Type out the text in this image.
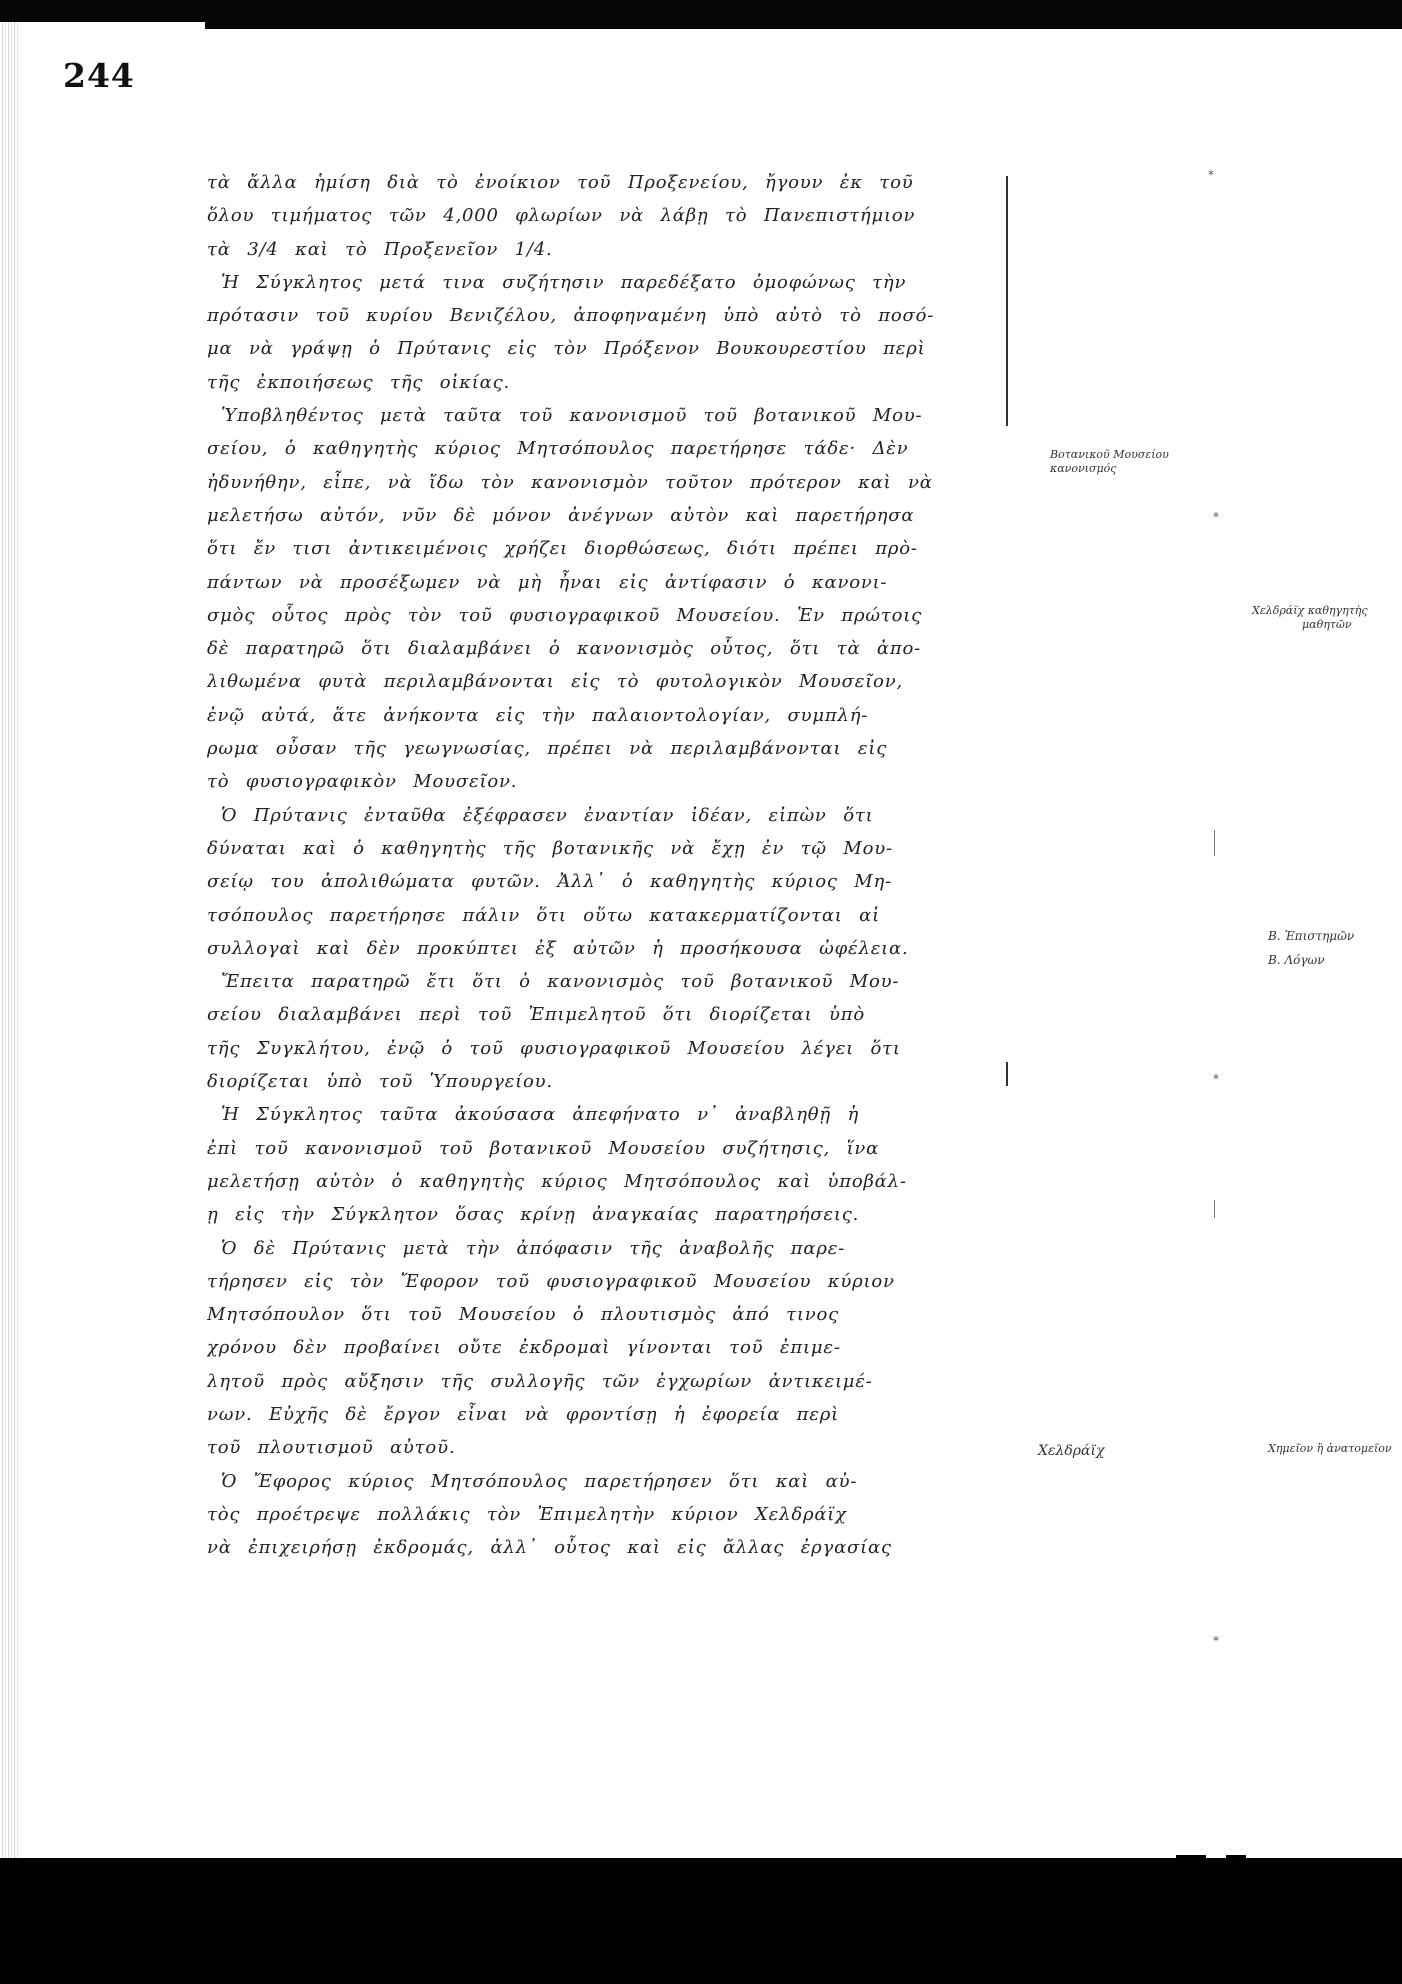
244
τὰ ἄλλα ἡμίση διὰ τὸ ἐνοίκιον τοῦ Προξενείου, ἤγουν ἐκ τοῦ
ὅλου τιμήματος τῶν 4,000 φλωρίων νὰ λάβῃ τὸ Πανεπιστήμιον
τὰ 3/4 καὶ τὸ Προξενεῖον 1/4.
Ἡ Σύγκλητος μετά τινα συζήτησιν παρεδέξατο ὁμοφώνως τὴν
πρότασιν τοῦ κυρίου Βενιζέλου, ἀποφηναμένη ὑπὸ αὐτὸ τὸ ποσό-
μα νὰ γράψῃ ὁ Πρύτανις εἰς τὸν Πρόξενον Βουκουρεστίου περὶ
τῆς ἐκποιήσεως τῆς οἰκίας.
Ὑποβληθέντος μετὰ ταῦτα τοῦ κανονισμοῦ τοῦ βοτανικοῦ Μου-
σείου, ὁ καθηγητὴς κύριος Μητσόπουλος παρετήρησε τάδε· Δὲν
ἠδυνήθην, εἶπε, νὰ ἴδω τὸν κανονισμὸν τοῦτον πρότερον καὶ νὰ
μελετήσω αὐτόν, νῦν δὲ μόνον ἀνέγνων αὐτὸν καὶ παρετήρησα
ὅτι ἔν τισι ἀντικειμένοις χρήζει διορθώσεως, διότι πρέπει πρὸ-
πάντων νὰ προσέξωμεν νὰ μὴ ἦναι εἰς ἀντίφασιν ὁ κανονι-
σμὸς οὗτος πρὸς τὸν τοῦ φυσιογραφικοῦ Μουσείου. Ἐν πρώτοις
δὲ παρατηρῶ ὅτι διαλαμβάνει ὁ κανονισμὸς οὗτος, ὅτι τὰ ἀπο-
λιθωμένα φυτὰ περιλαμβάνονται εἰς τὸ φυτολογικὸν Μουσεῖον,
ἐνῷ αὐτά, ἅτε ἀνήκοντα εἰς τὴν παλαιοντολογίαν, συμπλή-
ρωμα οὖσαν τῆς γεωγνωσίας, πρέπει νὰ περιλαμβάνονται εἰς
τὸ φυσιογραφικὸν Μουσεῖον.
Ὁ Πρύτανις ἐνταῦθα ἐξέφρασεν ἐναντίαν ἰδέαν, εἰπὼν ὅτι
δύναται καὶ ὁ καθηγητὴς τῆς βοτανικῆς νὰ ἔχῃ ἐν τῷ Μου-
σείῳ του ἀπολιθώματα φυτῶν. Ἀλλ᾽ ὁ καθηγητὴς κύριος Μη-
τσόπουλος παρετήρησε πάλιν ὅτι οὕτω κατακερματίζονται αἱ
συλλογαὶ καὶ δὲν προκύπτει ἐξ αὐτῶν ἡ προσήκουσα ὠφέλεια.
Ἔπειτα παρατηρῶ ἔτι ὅτι ὁ κανονισμὸς τοῦ βοτανικοῦ Μου-
σείου διαλαμβάνει περὶ τοῦ Ἐπιμελητοῦ ὅτι διορίζεται ὑπὸ
τῆς Συγκλήτου, ἐνῷ ὁ τοῦ φυσιογραφικοῦ Μουσείου λέγει ὅτι
διορίζεται ὑπὸ τοῦ Ὑπουργείου.
Ἡ Σύγκλητος ταῦτα ἀκούσασα ἀπεφήνατο ν᾽ ἀναβληθῇ ἡ
ἐπὶ τοῦ κανονισμοῦ τοῦ βοτανικοῦ Μουσείου συζήτησις, ἵνα
μελετήσῃ αὐτὸν ὁ καθηγητὴς κύριος Μητσόπουλος καὶ ὑποβάλ-
ῃ εἰς τὴν Σύγκλητον ὅσας κρίνῃ ἀναγκαίας παρατηρήσεις.
Ὁ δὲ Πρύτανις μετὰ τὴν ἀπόφασιν τῆς ἀναβολῆς παρε-
τήρησεν εἰς τὸν Ἔφορον τοῦ φυσιογραφικοῦ Μουσείου κύριον
Μητσόπουλον ὅτι τοῦ Μουσείου ὁ πλουτισμὸς ἀπό τινος
χρόνου δὲν προβαίνει οὔτε ἐκδρομαὶ γίνονται τοῦ ἐπιμε-
λητοῦ πρὸς αὔξησιν τῆς συλλογῆς τῶν ἐγχωρίων ἀντικειμέ-
νων. Εὐχῆς δὲ ἔργον εἶναι νὰ φροντίσῃ ἡ ἐφορεία περὶ
τοῦ πλουτισμοῦ αὐτοῦ.
Ὁ Ἔφορος κύριος Μητσόπουλος παρετήρησεν ὅτι καὶ αὐ-
τὸς προέτρεψε πολλάκις τὸν Ἐπιμελητὴν κύριον Χελδράϊχ
νὰ ἐπιχειρήσῃ ἐκδρομάς, ἀλλ᾽ οὗτος καὶ εἰς ἄλλας ἐργασίας
Βοτανικοῦ Μουσείου
κανονισμός
Χελδράϊχ καθηγητὴς
μαθητῶν
Β. Ἐπιστημῶν
Β. Λόγων
Χελδράϊχ	Χημεῖον ἢ ἀνατομεῖον
⁎
⁎
⁎
⁎
